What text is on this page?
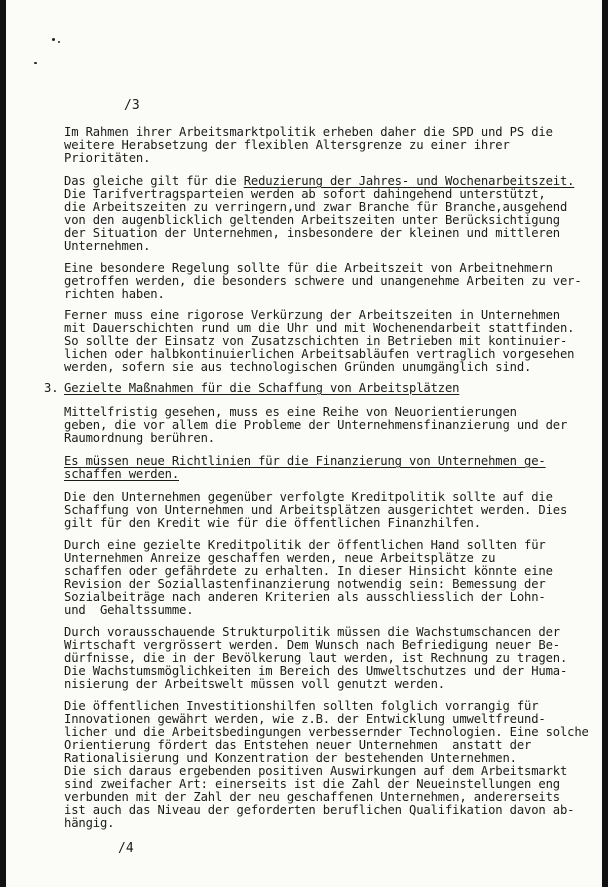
/3
Im Rahmen ihrer Arbeitsmarktpolitik erheben daher die SPD und PS die
weitere Herabsetzung der flexiblen Altersgrenze zu einer ihrer
Prioritäten.
Das gleiche gilt für die Reduzierung der Jahres- und Wochenarbeitszeit.
Die Tarifvertragsparteien werden ab sofort dahingehend unterstützt,
die Arbeitszeiten zu verringern,und zwar Branche für Branche,ausgehend
von den augenblicklich geltenden Arbeitszeiten unter Berücksichtigung
der Situation der Unternehmen, insbesondere der kleinen und mittleren
Unternehmen.
Eine besondere Regelung sollte für die Arbeitszeit von Arbeitnehmern
getroffen werden, die besonders schwere und unangenehme Arbeiten zu ver-
richten haben.
Ferner muss eine rigorose Verkürzung der Arbeitszeiten in Unternehmen
mit Dauerschichten rund um die Uhr und mit Wochenendarbeit stattfinden.
So sollte der Einsatz von Zusatzschichten in Betrieben mit kontinuier-
lichen oder halbkontinuierlichen Arbeitsabläufen vertraglich vorgesehen
werden, sofern sie aus technologischen Gründen unumgänglich sind.
3. Gezielte Maßnahmen für die Schaffung von Arbeitsplätzen
Mittelfristig gesehen, muss es eine Reihe von Neuorientierungen
geben, die vor allem die Probleme der Unternehmensfinanzierung und der
Raumordnung berühren.
Es müssen neue Richtlinien für die Finanzierung von Unternehmen ge-
schaffen werden.
Die den Unternehmen gegenüber verfolgte Kreditpolitik sollte auf die
Schaffung von Unternehmen und Arbeitsplätzen ausgerichtet werden. Dies
gilt für den Kredit wie für die öffentlichen Finanzhilfen.
Durch eine gezielte Kreditpolitik der öffentlichen Hand sollten für
Unternehmen Anreize geschaffen werden, neue Arbeitsplätze zu
schaffen oder gefährdete zu erhalten. In dieser Hinsicht könnte eine
Revision der Soziallastenfinanzierung notwendig sein: Bemessung der
Sozialbeiträge nach anderen Kriterien als ausschliesslich der Lohn-
und  Gehaltssumme.
Durch vorausschauende Strukturpolitik müssen die Wachstumschancen der
Wirtschaft vergrössert werden. Dem Wunsch nach Befriedigung neuer Be-
dürfnisse, die in der Bevölkerung laut werden, ist Rechnung zu tragen.
Die Wachstumsmöglichkeiten im Bereich des Umweltschutzes und der Huma-
nisierung der Arbeitswelt müssen voll genutzt werden.
Die öffentlichen Investitionshilfen sollten folglich vorrangig für
Innovationen gewährt werden, wie z.B. der Entwicklung umweltfreund-
licher und die Arbeitsbedingungen verbessernder Technologien. Eine solche
Orientierung fördert das Entstehen neuer Unternehmen  anstatt der
Rationalisierung und Konzentration der bestehenden Unternehmen.
Die sich daraus ergebenden positiven Auswirkungen auf dem Arbeitsmarkt
sind zweifacher Art: einerseits ist die Zahl der Neueinstellungen eng
verbunden mit der Zahl der neu geschaffenen Unternehmen, andererseits
ist auch das Niveau der geforderten beruflichen Qualifikation davon ab-
hängig.
/4
